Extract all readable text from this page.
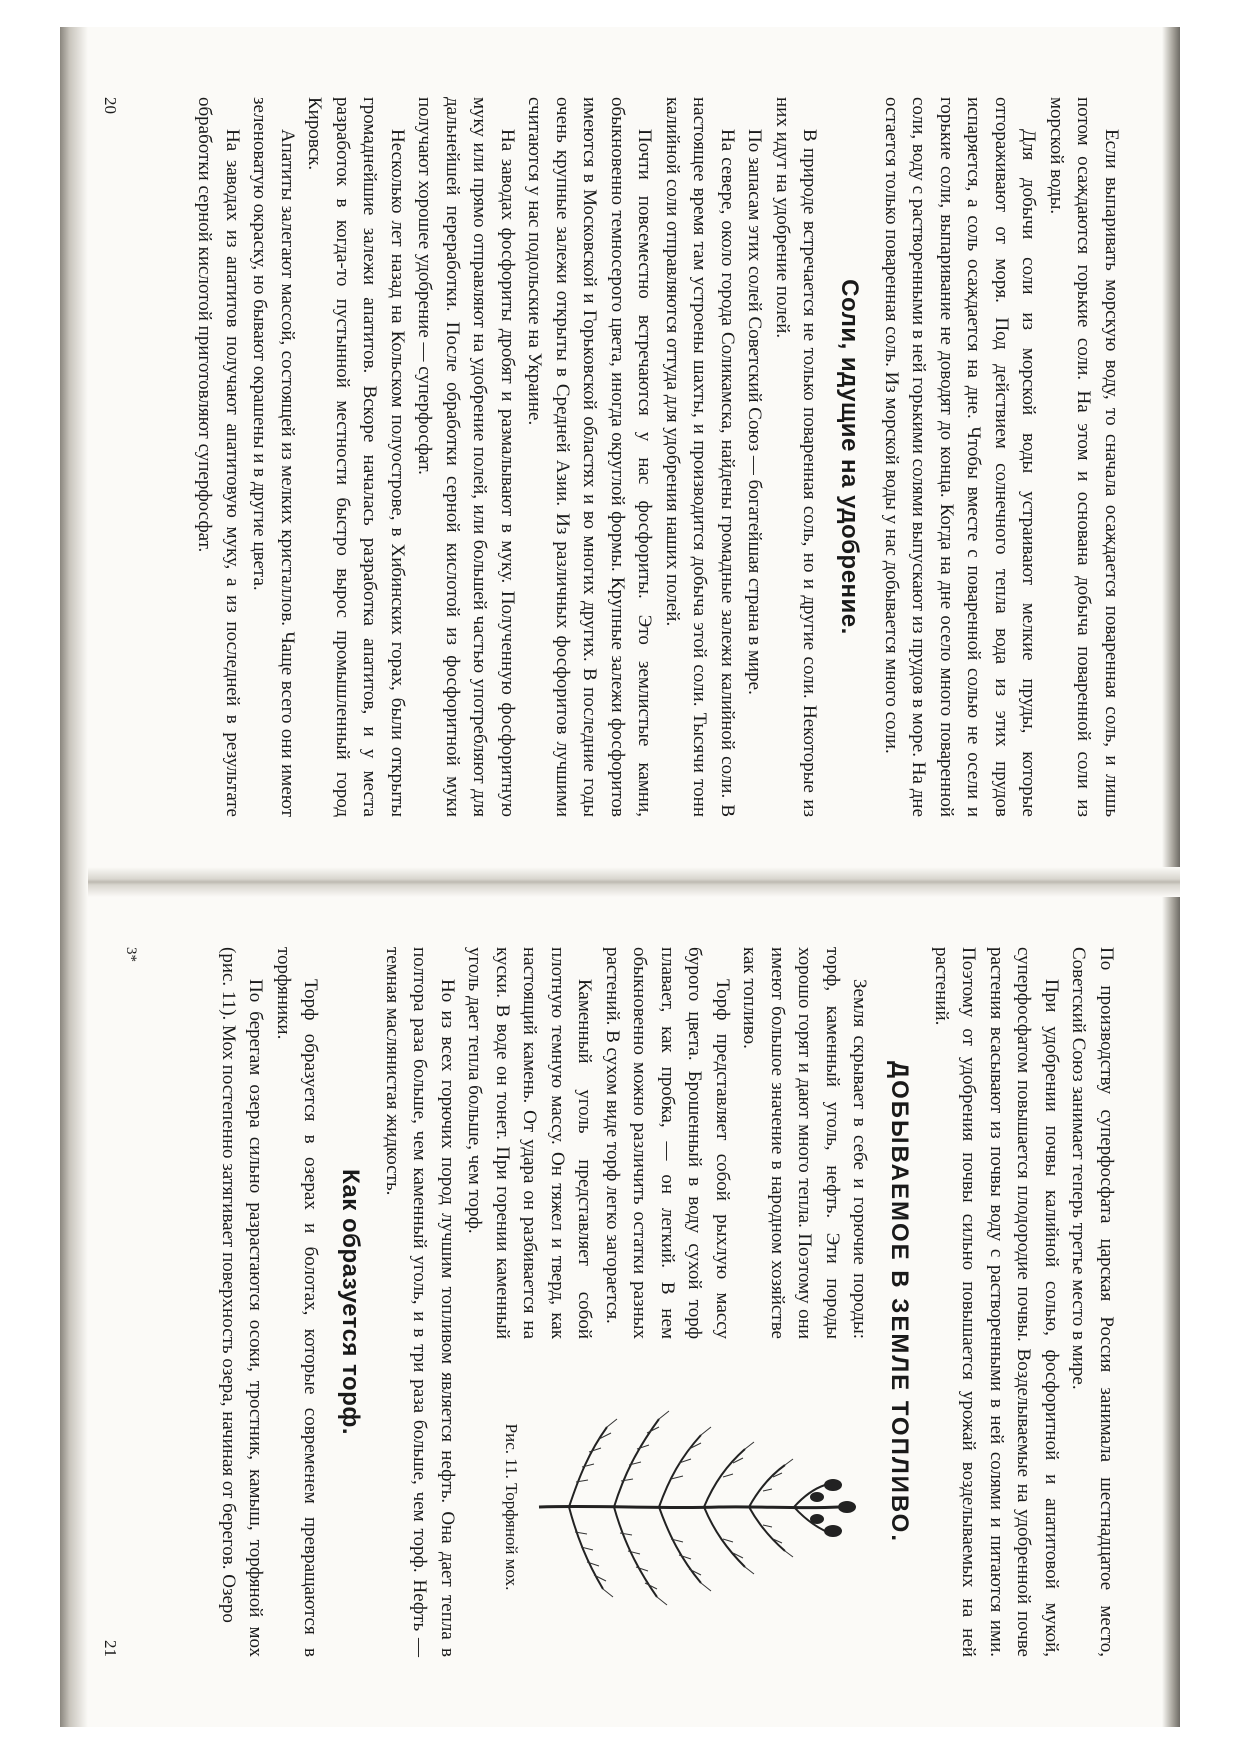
Если выпаривать морскую воду, то сначала осаждается поваренная соль, и лишь потом осаждаются горькие соли. На этом и основана добыча поваренной соли из морской воды.

Для добычи соли из морской воды устраивают мелкие пруды, которые отгораживают от моря. Под действием солнечного тепла вода из этих прудов испаряется, а соль осаждается на дне. Чтобы вместе с поваренной солью не осели и горькие соли, выпаривание не доводят до конца. Когда на дне осело много поваренной соли, воду с растворенными в ней горькими солями выпускают из прудов в море. На дне остается только поваренная соль. Из морской воды у нас добывается много соли.

Соли, идущие на удобрение.

В природе встречается не только поваренная соль, но и другие соли. Некоторые из них идут на удобрение полей.

По запасам этих солей Советский Союз — богатейшая страна в мире.

На севере, около города Соликамска, найдены громадные залежи калийной соли. В настоящее время там устроены шахты, и производится добыча этой соли. Тысячи тонн калийной соли отправляются оттуда для удобрения наших полей.

Почти повсеместно встречаются у нас фосфориты. Это землистые камни, обыкновенно темносерого цвета, иногда округлой формы. Крупные залежи фосфоритов имеются в Московской и Горьковской областях и во многих других. В последние годы очень крупные залежи открыты в Средней Азии. Из различных фосфоритов лучшими считаются у нас подольские на Украине.

На заводах фосфориты дробят и размалывают в муку. Полученную фосфоритную муку или прямо отправляют на удобрение полей, или большей частью употребляют для дальнейшей переработки. После обработки серной кислотой из фосфоритной муки получают хорошее удобрение — суперфосфат.

Несколько лет назад на Кольском полуострове, в Хибинских горах, были открыты громаднейшие залежи апатитов. Вскоре началась разработка апатитов, и у места разработок в когда-то пустынной местности быстро вырос промышленный город Кировск.

Апатиты залегают массой, состоящей из мелких кристаллов. Чаще всего они имеют зеленоватую окраску, но бывают окрашены и в другие цвета.

На заводах из апатитов получают апатитовую муку, а из последней в результате обработки серной кислотой приготовляют суперфосфат.

20

По производству суперфосфата царская Россия занимала шестнадцатое место, Советский Союз занимает теперь третье место в мире.

При удобрении почвы калийной солью, фосфоритной и апатитовой мукой, суперфосфатом повышается плодородие почвы. Возделываемые на удобренной почве растения всасывают из почвы воду с растворенными в ней солями и питаются ими. Поэтому от удобрения почвы сильно повышается урожай возделываемых на ней растений.

ДОБЫВАЕМОЕ В ЗЕМЛЕ ТОПЛИВО.
Рис. 11. Торфяной мох.

Земля скрывает в себе и горючие породы: торф, каменный уголь, нефть. Эти породы хорошо горят и дают много тепла. Поэтому они имеют большое значение в народном хозяйстве как топливо.

Торф представляет собой рыхлую массу бурого цвета. Брошенный в воду сухой торф плавает, как пробка, — он легкий. В нем обыкновенно можно различить остатки разных растений. В сухом виде торф легко загорается.

Каменный уголь представляет собой плотную темную массу. Он тяжел и тверд, как настоящий камень. От удара он разбивается на куски. В воде он тонет. При горении каменный уголь дает тепла больше, чем торф.

Но из всех горючих пород лучшим топливом является нефть. Она дает тепла в полтора раза больше, чем каменный уголь, и в три раза больше, чем торф. Нефть — темная маслянистая жидкость.

Как образуется торф.

Торф образуется в озерах и болотах, которые современем превращаются в торфяники.

По берегам озера сильно разрастаются осоки, тростник, камыш, торфяной мох (рис. 11). Мох постепенно затягивает поверхность озера, начиная от берегов. Озеро

3*
21
